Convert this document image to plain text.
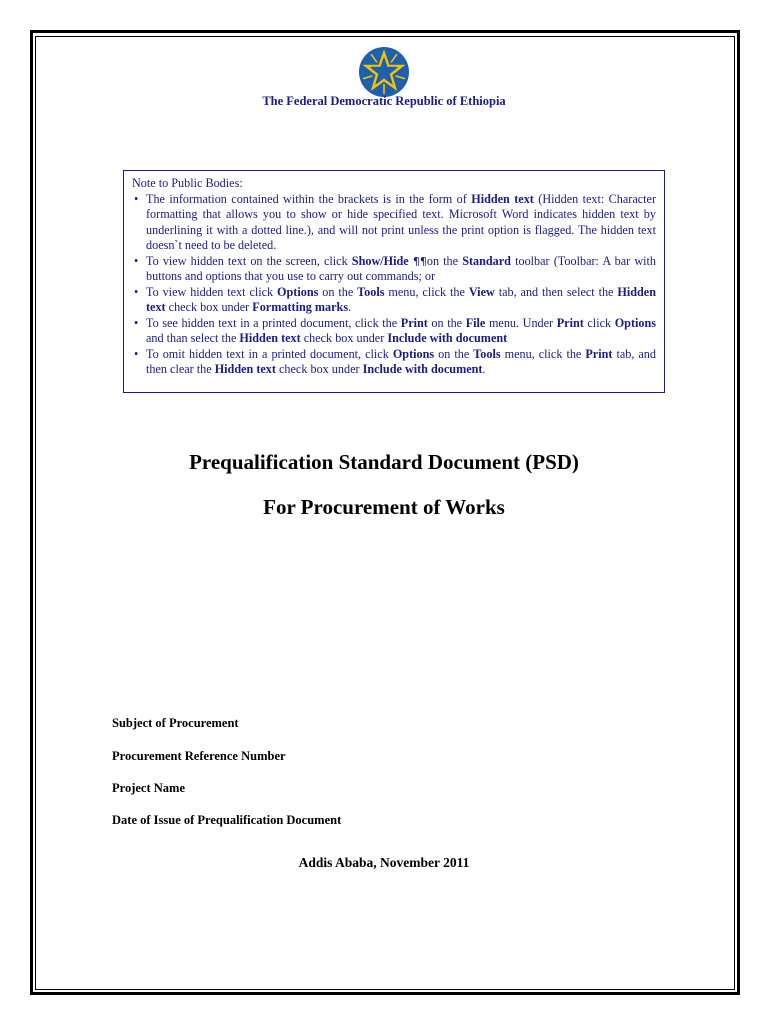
The Federal Democratic Republic of Ethiopia

Note to Public Bodies:

• The information contained within the brackets is in the form of Hidden text (Hidden text: Character formatting that allows you to show or hide specified text. Microsoft Word indicates hidden text by underlining it with a dotted line.), and will not print unless the print option is flagged. The hidden text doesn`t need to be deleted.
• To view hidden text on the screen, click Show/Hide ¶¶on the Standard toolbar (Toolbar: A bar with buttons and options that you use to carry out commands; or
• To view hidden text click Options on the Tools menu, click the View tab, and then select the Hidden text check box under Formatting marks.
• To see hidden text in a printed document, click the Print on the File menu. Under Print click Options and than select the Hidden text check box under Include with document
• To omit hidden text in a printed document, click Options on the Tools menu, click the Print tab, and then clear the Hidden text check box under Include with document.
Prequalification Standard Document (PSD)
For Procurement of Works
Subject of Procurement
Procurement Reference Number
Project Name
Date of Issue of Prequalification Document
Addis Ababa, November 2011
